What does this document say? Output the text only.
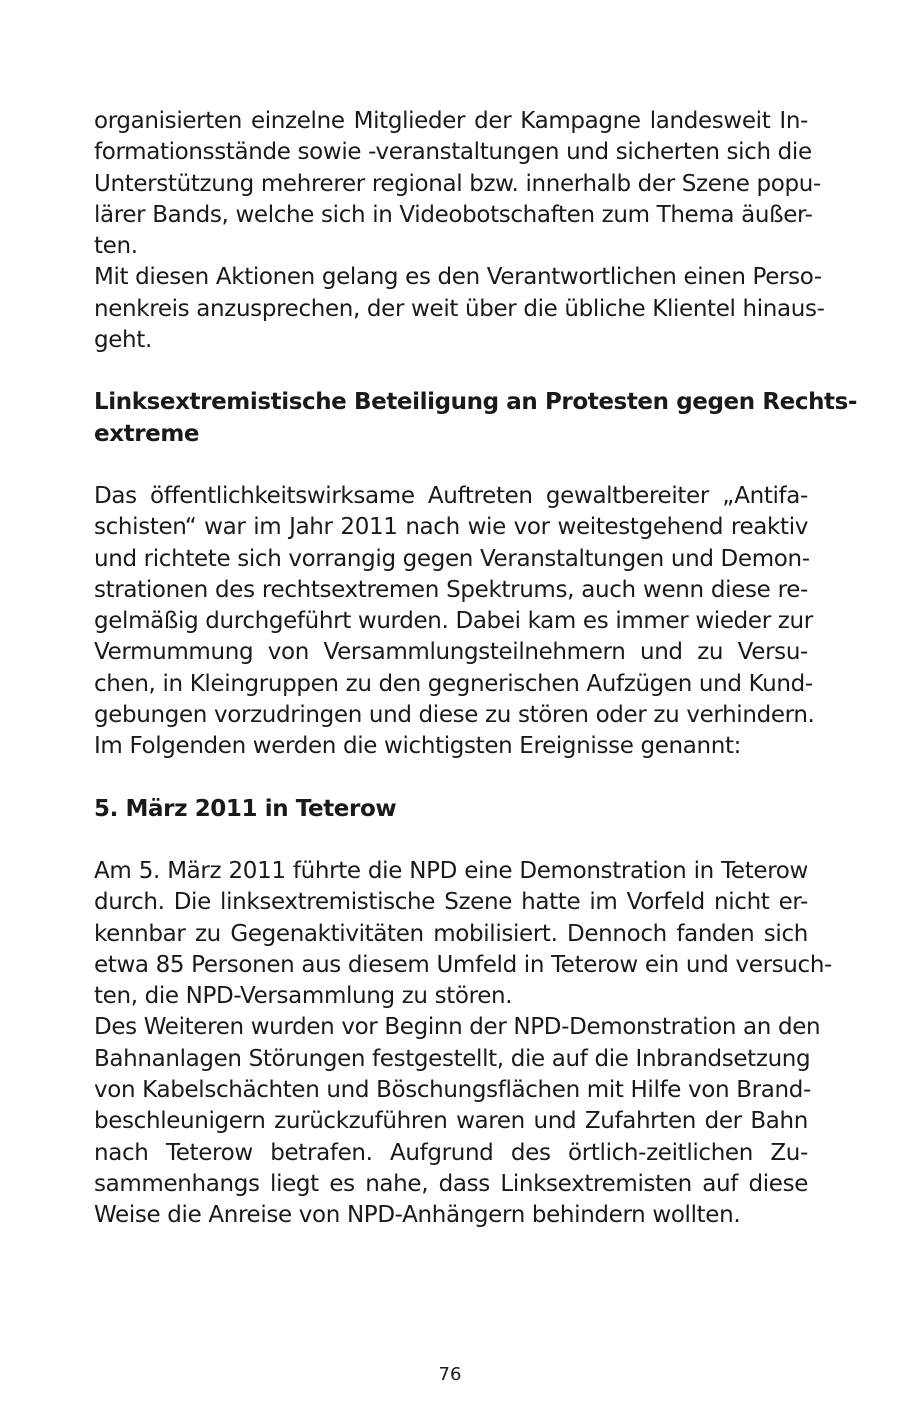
organisierten einzelne Mitglieder der Kampagne landesweit In-
formationsstände sowie -veranstaltungen und sicherten sich die
Unterstützung mehrerer regional bzw. innerhalb der Szene popu-
lärer Bands, welche sich in Videobotschaften zum Thema äußer-
ten.
Mit diesen Aktionen gelang es den Verantwortlichen einen Perso-
nenkreis anzusprechen, der weit über die übliche Klientel hinaus-
geht.
Linksextremistische Beteiligung an Protesten gegen Rechts-
extreme
Das öffentlichkeitswirksame Auftreten gewaltbereiter „Antifa-
schisten“ war im Jahr 2011 nach wie vor weitestgehend reaktiv
und richtete sich vorrangig gegen Veranstaltungen und Demon-
strationen des rechtsextremen Spektrums, auch wenn diese re-
gelmäßig durchgeführt wurden. Dabei kam es immer wieder zur
Vermummung von Versammlungsteilnehmern und zu Versu-
chen, in Kleingruppen zu den gegnerischen Aufzügen und Kund-
gebungen vorzudringen und diese zu stören oder zu verhindern.
Im Folgenden werden die wichtigsten Ereignisse genannt:
5. März 2011 in Teterow
Am 5. März 2011 führte die NPD eine Demonstration in Teterow
durch. Die linksextremistische Szene hatte im Vorfeld nicht er-
kennbar zu Gegenaktivitäten mobilisiert. Dennoch fanden sich
etwa 85 Personen aus diesem Umfeld in Teterow ein und versuch-
ten, die NPD-Versammlung zu stören.
Des Weiteren wurden vor Beginn der NPD-Demonstration an den
Bahnanlagen Störungen festgestellt, die auf die Inbrandsetzung
von Kabelschächten und Böschungsflächen mit Hilfe von Brand-
beschleunigern zurückzuführen waren und Zufahrten der Bahn
nach Teterow betrafen. Aufgrund des örtlich-zeitlichen Zu-
sammenhangs liegt es nahe, dass Linksextremisten auf diese
Weise die Anreise von NPD-Anhängern behindern wollten.
76
